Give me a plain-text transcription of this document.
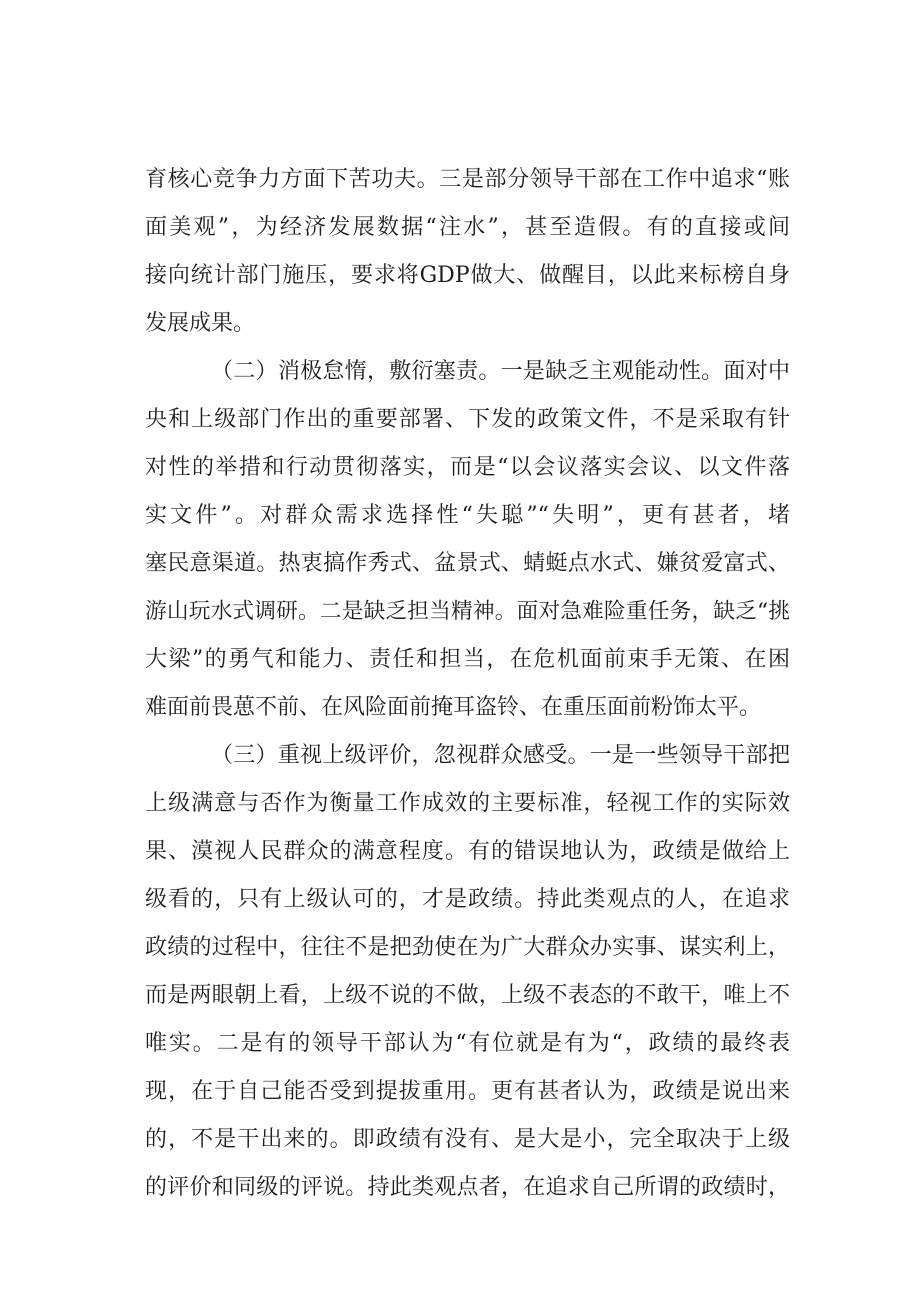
育核心竞争力方面下苦功夫。三是部分领导干部在工作中追求“账
面美观”，为经济发展数据“注水”，甚至造假。有的直接或间
接向统计部门施压，要求将GDP做大、做醒目，以此来标榜自身
发展成果。
（二）消极怠惰，敷衍塞责。一是缺乏主观能动性。面对中
央和上级部门作出的重要部署、下发的政策文件，不是采取有针
对性的举措和行动贯彻落实，而是“以会议落实会议、以文件落
实文件”。对群众需求选择性“失聪”“失明”，更有甚者，堵
塞民意渠道。热衷搞作秀式、盆景式、蜻蜓点水式、嫌贫爱富式、
游山玩水式调研。二是缺乏担当精神。面对急难险重任务，缺乏“挑
大梁”的勇气和能力、责任和担当，在危机面前束手无策、在困
难面前畏葸不前、在风险面前掩耳盗铃、在重压面前粉饰太平。
（三）重视上级评价，忽视群众感受。一是一些领导干部把
上级满意与否作为衡量工作成效的主要标准，轻视工作的实际效
果、漠视人民群众的满意程度。有的错误地认为，政绩是做给上
级看的，只有上级认可的，才是政绩。持此类观点的人，在追求
政绩的过程中，往往不是把劲使在为广大群众办实事、谋实利上，
而是两眼朝上看，上级不说的不做，上级不表态的不敢干，唯上不
唯实。二是有的领导干部认为“有位就是有为“，政绩的最终表
现，在于自己能否受到提拔重用。更有甚者认为，政绩是说出来
的，不是干出来的。即政绩有没有、是大是小，完全取决于上级
的评价和同级的评说。持此类观点者，在追求自己所谓的政绩时，
